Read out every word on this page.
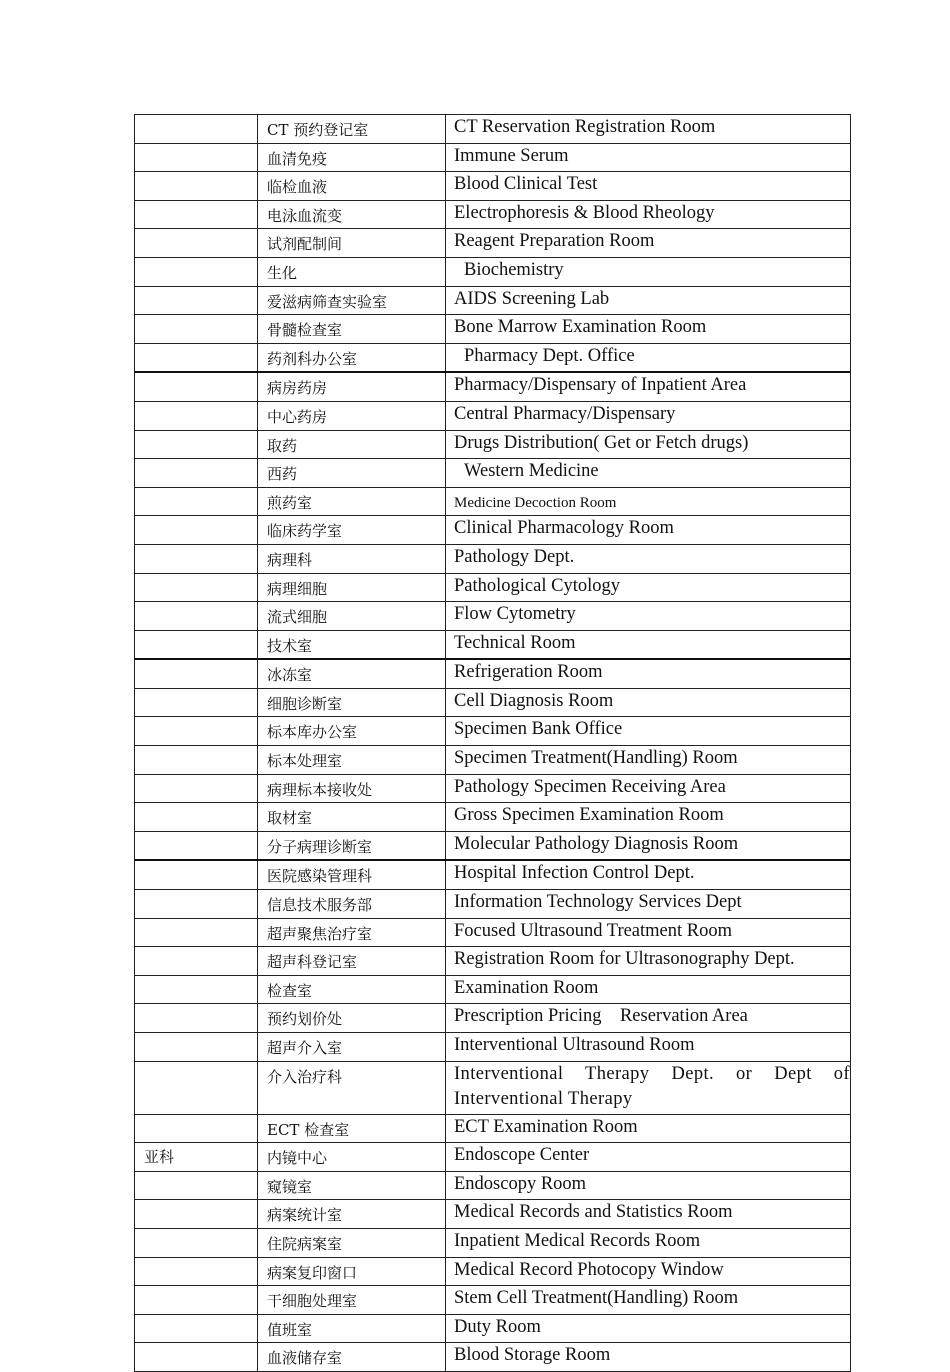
	CT 预约登记室	CT Reservation Registration Room
	血清免疫	Immune Serum
	临检血液	Blood Clinical Test
	电泳血流变	Electrophoresis & Blood Rheology
	试剂配制间	Reagent Preparation Room
	生化	Biochemistry
	爱滋病筛查实验室	AIDS Screening Lab
	骨髓检查室	Bone Marrow Examination Room
	药剂科办公室	Pharmacy Dept. Office
	病房药房	Pharmacy/Dispensary of Inpatient Area
	中心药房	Central Pharmacy/Dispensary
	取药	Drugs Distribution( Get or Fetch drugs)
	西药	Western Medicine
	煎药室	Medicine Decoction Room
	临床药学室	Clinical Pharmacology Room
	病理科	Pathology Dept.
	病理细胞	Pathological Cytology
	流式细胞	Flow Cytometry
	技术室	Technical Room
	冰冻室	Refrigeration Room
	细胞诊断室	Cell Diagnosis Room
	标本库办公室	Specimen Bank Office
	标本处理室	Specimen Treatment(Handling) Room
	病理标本接收处	Pathology Specimen Receiving Area
	取材室	Gross Specimen Examination Room
	分子病理诊断室	Molecular Pathology Diagnosis Room
	医院感染管理科	Hospital Infection Control Dept.
	信息技术服务部	Information Technology Services Dept
	超声聚焦治疗室	Focused Ultrasound Treatment Room
	超声科登记室	Registration Room for Ultrasonography Dept.
	检查室	Examination Room
	预约划价处	Prescription Pricing　Reservation Area
	超声介入室	Interventional Ultrasound Room
	介入治疗科	Interventional Therapy Dept. or Dept of Interventional Therapy
	ECT 检查室	ECT Examination Room
亚科	内镜中心	Endoscope Center
	窥镜室	Endoscopy Room
	病案统计室	Medical Records and Statistics Room
	住院病案室	Inpatient Medical Records Room
	病案复印窗口	Medical Record Photocopy Window
	干细胞处理室	Stem Cell Treatment(Handling) Room
	值班室	Duty Room
	血液储存室	Blood Storage Room
